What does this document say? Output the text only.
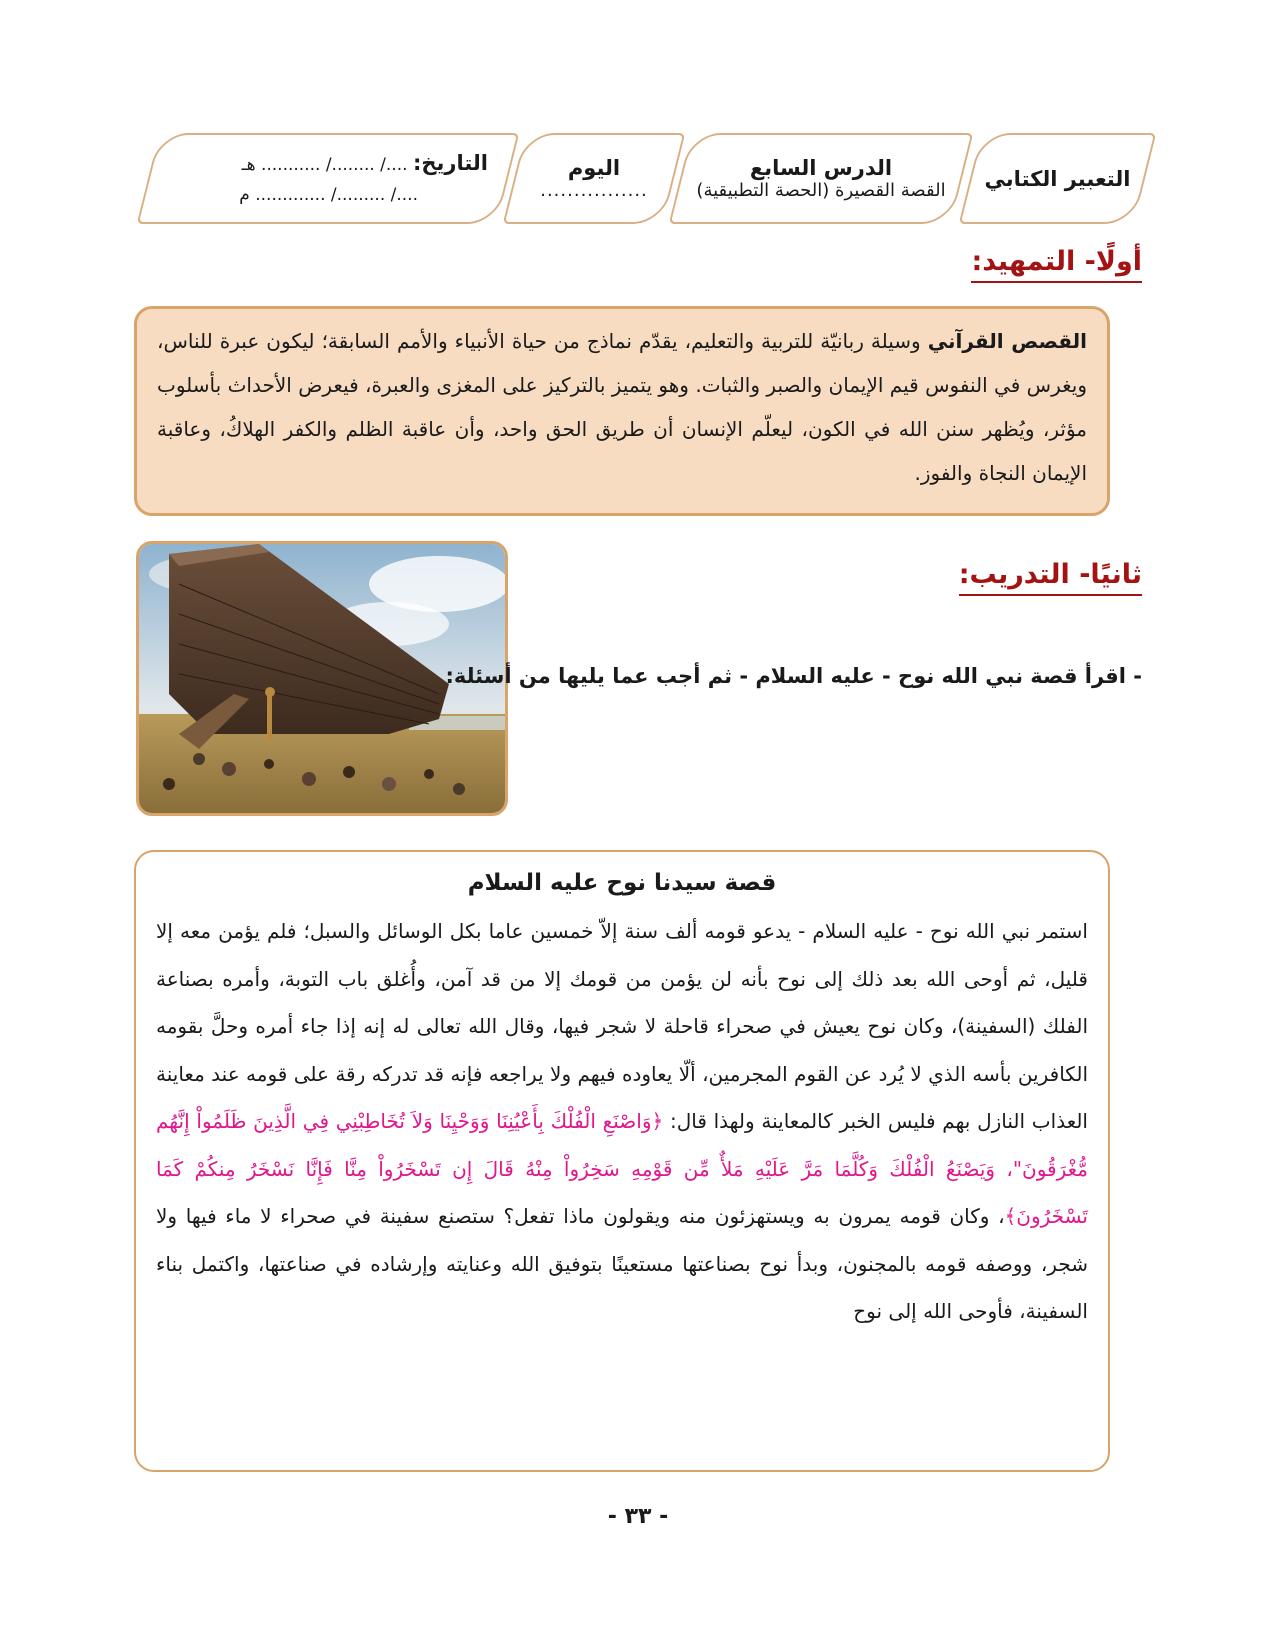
التعبير الكتابي
الدرس السابع
القصة القصيرة (الحصة التطبيقية)
اليوم
................
التاريخ: ..../ ......../ ........... هـ
..../ ........./ ............. م
أولًا- التمهيد:
القصص القرآني وسيلة ربانيّة للتربية والتعليم، يقدّم نماذج من حياة الأنبياء والأمم السابقة؛ ليكون عبرة للناس، ويغرس في النفوس قيم الإيمان والصبر والثبات. وهو يتميز بالتركيز على المغزى والعبرة، فيعرض الأحداث بأسلوب مؤثر، ويُظهر سنن الله في الكون، ليعلّم الإنسان أن طريق الحق واحد، وأن عاقبة الظلم والكفر الهلاكُ، وعاقبة الإيمان النجاة والفوز.
ثانيًا- التدريب:
- اقرأ قصة نبي الله نوح - عليه السلام - ثم أجب عما يليها من أسئلة:
قصة سيدنا نوح عليه السلام
استمر نبي الله نوح - عليه السلام - يدعو قومه ألف سنة إلاّ خمسين عاما بكل الوسائل والسبل؛ فلم يؤمن معه إلا قليل، ثم أوحى الله بعد ذلك إلى نوح بأنه لن يؤمن من قومك إلا من قد آمن، وأُغلق باب التوبة، وأمره بصناعة الفلك (السفينة)، وكان نوح يعيش في صحراء قاحلة لا شجر فيها، وقال الله تعالى له إنه إذا جاء أمره وحلَّ بقومه الكافرين بأسه الذي لا يُرد عن القوم المجرمين، ألّا يعاوده فيهم ولا يراجعه فإنه قد تدركه رقة على قومه عند معاينة العذاب النازل بهم فليس الخبر كالمعاينة ولهذا قال: ﴿وَاصْنَعِ الْفُلْكَ بِأَعْيُنِنَا وَوَحْيِنَا وَلاَ تُخَاطِبْنِي فِي الَّذِينَ ظَلَمُواْ إِنَّهُم مُّغْرَقُونَ"، وَيَصْنَعُ الْفُلْكَ وَكُلَّمَا مَرَّ عَلَيْهِ مَلأٌ مِّن قَوْمِهِ سَخِرُواْ مِنْهُ قَالَ إِن تَسْخَرُواْ مِنَّا فَإِنَّا نَسْخَرُ مِنكُمْ كَمَا تَسْخَرُونَ﴾، وكان قومه يمرون به ويستهزئون منه ويقولون ماذا تفعل؟ ستصنع سفينة في صحراء لا ماء فيها ولا شجر، ووصفه قومه بالمجنون، وبدأ نوح بصناعتها مستعينًا بتوفيق الله وعنايته وإرشاده في صناعتها، واكتمل بناء السفينة، فأوحى الله إلى نوح
- ٣٣ -
